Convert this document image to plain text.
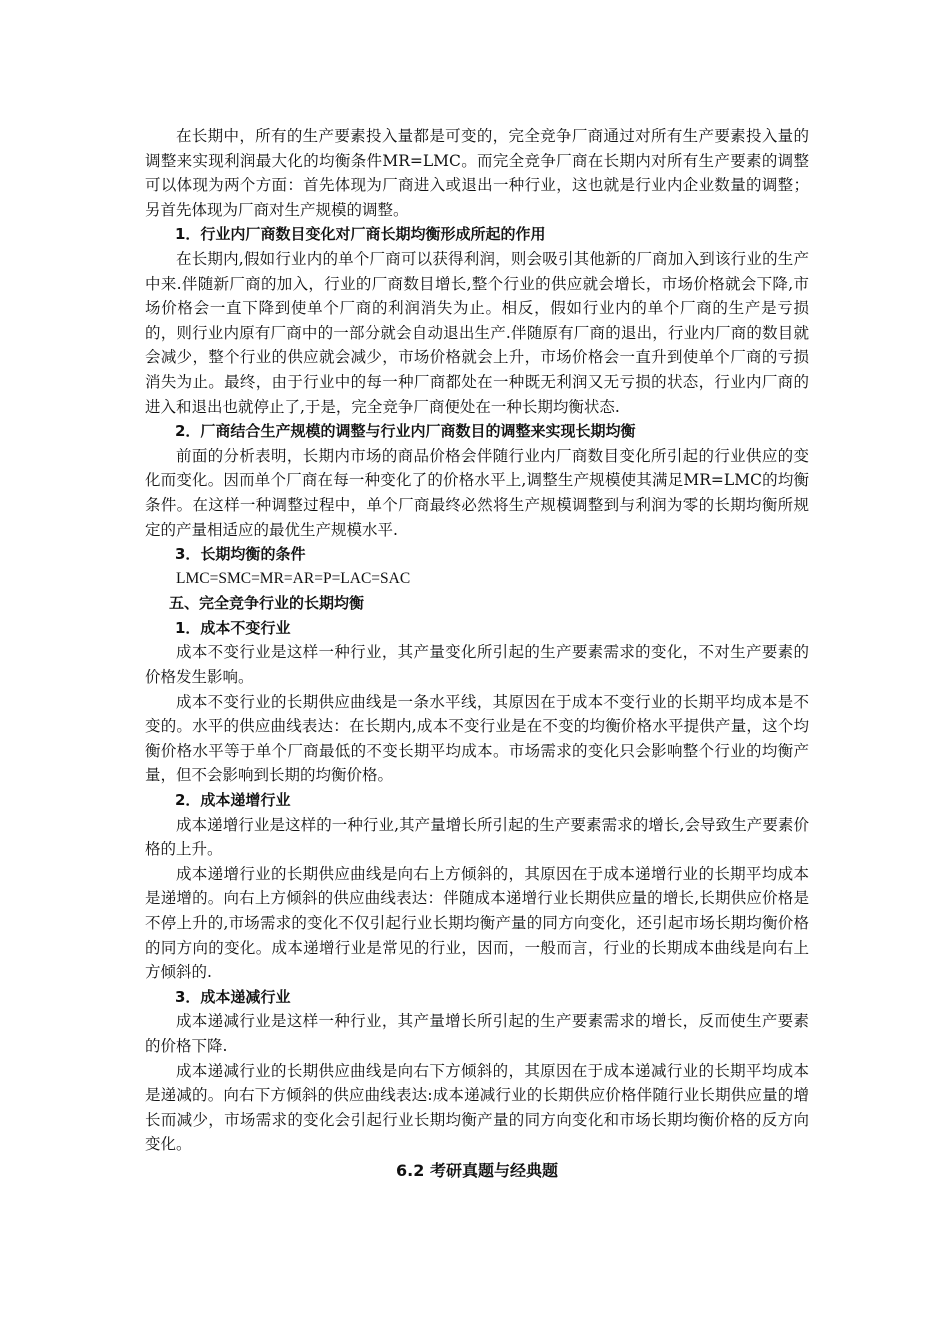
在长期中，所有的生产要素投入量都是可变的，完全竞争厂商通过对所有生产要素投入量的调整来实现利润最大化的均衡条件MR=LMC。而完全竞争厂商在长期内对所有生产要素的调整可以体现为两个方面：首先体现为厂商进入或退出一种行业，这也就是行业内企业数量的调整；另首先体现为厂商对生产规模的调整。

1．行业内厂商数目变化对厂商长期均衡形成所起的作用

在长期内,假如行业内的单个厂商可以获得利润，则会吸引其他新的厂商加入到该行业的生产中来.伴随新厂商的加入，行业的厂商数目增长,整个行业的供应就会增长，市场价格就会下降,市场价格会一直下降到使单个厂商的利润消失为止。相反，假如行业内的单个厂商的生产是亏损的，则行业内原有厂商中的一部分就会自动退出生产.伴随原有厂商的退出，行业内厂商的数目就会减少，整个行业的供应就会减少，市场价格就会上升，市场价格会一直升到使单个厂商的亏损消失为止。最终，由于行业中的每一种厂商都处在一种既无利润又无亏损的状态，行业内厂商的进入和退出也就停止了,于是，完全竞争厂商便处在一种长期均衡状态.

2．厂商结合生产规模的调整与行业内厂商数目的调整来实现长期均衡

前面的分析表明，长期内市场的商品价格会伴随行业内厂商数目变化所引起的行业供应的变化而变化。因而单个厂商在每一种变化了的价格水平上,调整生产规模使其满足MR=LMC的均衡条件。在这样一种调整过程中，单个厂商最终必然将生产规模调整到与利润为零的长期均衡所规定的产量相适应的最优生产规模水平.

3．长期均衡的条件

LMC=SMC=MR=AR=P=LAC=SAC

五、完全竞争行业的长期均衡

1．成本不变行业

成本不变行业是这样一种行业，其产量变化所引起的生产要素需求的变化，不对生产要素的价格发生影响。

成本不变行业的长期供应曲线是一条水平线，其原因在于成本不变行业的长期平均成本是不变的。水平的供应曲线表达：在长期内,成本不变行业是在不变的均衡价格水平提供产量，这个均衡价格水平等于单个厂商最低的不变长期平均成本。市场需求的变化只会影响整个行业的均衡产量，但不会影响到长期的均衡价格。

2．成本递增行业

成本递增行业是这样的一种行业,其产量增长所引起的生产要素需求的增长,会导致生产要素价格的上升。

成本递增行业的长期供应曲线是向右上方倾斜的，其原因在于成本递增行业的长期平均成本是递增的。向右上方倾斜的供应曲线表达：伴随成本递增行业长期供应量的增长,长期供应价格是不停上升的,市场需求的变化不仅引起行业长期均衡产量的同方向变化，还引起市场长期均衡价格的同方向的变化。成本递增行业是常见的行业，因而，一般而言，行业的长期成本曲线是向右上方倾斜的.

3．成本递减行业

成本递减行业是这样一种行业，其产量增长所引起的生产要素需求的增长，反而使生产要素的价格下降.

成本递减行业的长期供应曲线是向右下方倾斜的，其原因在于成本递减行业的长期平均成本是递减的。向右下方倾斜的供应曲线表达:成本递减行业的长期供应价格伴随行业长期供应量的增长而减少，市场需求的变化会引起行业长期均衡产量的同方向变化和市场长期均衡价格的反方向变化。

6.2 考研真题与经典题
